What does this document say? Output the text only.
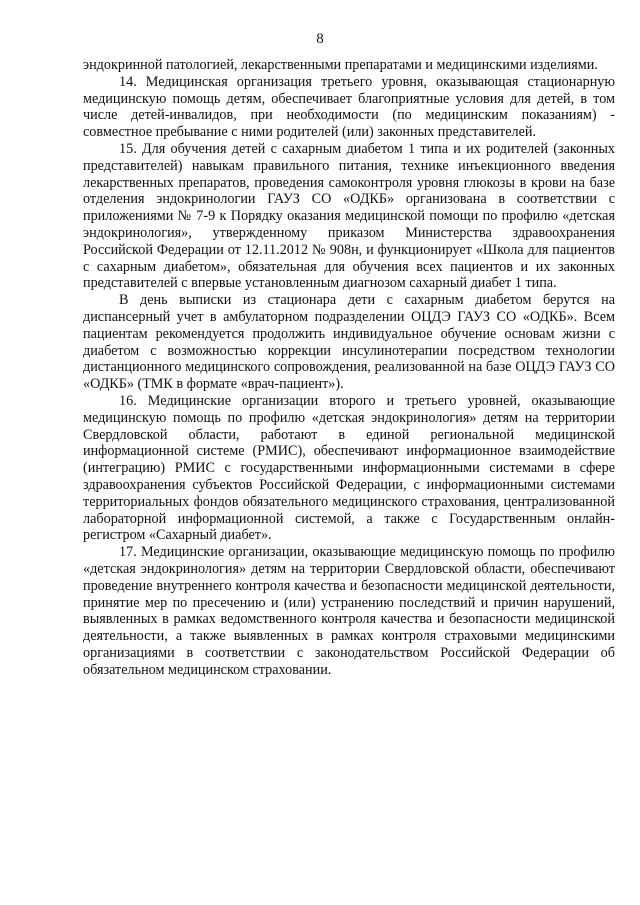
8

эндокринной патологией, лекарственными препаратами и медицинскими изделиями.

14. Медицинская организация третьего уровня, оказывающая стационарную медицинскую помощь детям, обеспечивает благоприятные условия для детей, в том числе детей-инвалидов, при необходимости (по медицинским показаниям) - совместное пребывание с ними родителей (или) законных представителей.

15. Для обучения детей с сахарным диабетом 1 типа и их родителей (законных представителей) навыкам правильного питания, технике инъекционного введения лекарственных препаратов, проведения самоконтроля уровня глюкозы в крови на базе отделения эндокринологии ГАУЗ СО «ОДКБ» организована в соответствии с приложениями № 7-9 к Порядку оказания медицинской помощи по профилю «детская эндокринология», утвержденному приказом Министерства здравоохранения Российской Федерации от 12.11.2012 № 908н, и функционирует «Школа для пациентов с сахарным диабетом», обязательная для обучения всех пациентов и их законных представителей с впервые установленным диагнозом сахарный диабет 1 типа.

В день выписки из стационара дети с сахарным диабетом берутся на диспансерный учет в амбулаторном подразделении ОЦДЭ ГАУЗ СО «ОДКБ». Всем пациентам рекомендуется продолжить индивидуальное обучение основам жизни с диабетом с возможностью коррекции инсулинотерапии посредством технологии дистанционного медицинского сопровождения, реализованной на базе ОЦДЭ ГАУЗ СО «ОДКБ» (ТМК в формате «врач-пациент»).

16. Медицинские организации второго и третьего уровней, оказывающие медицинскую помощь по профилю «детская эндокринология» детям на территории Свердловской области, работают в единой региональной медицинской информационной системе (РМИС), обеспечивают информационное взаимодействие (интеграцию) РМИС с государственными информационными системами в сфере здравоохранения субъектов Российской Федерации, с информационными системами территориальных фондов обязательного медицинского страхования, централизованной лабораторной информационной системой, а также с Государственным онлайн-регистром «Сахарный диабет».

17. Медицинские организации, оказывающие медицинскую помощь по профилю «детская эндокринология» детям на территории Свердловской области, обеспечивают проведение внутреннего контроля качества и безопасности медицинской деятельности, принятие мер по пресечению и (или) устранению последствий и причин нарушений, выявленных в рамках ведомственного контроля качества и безопасности медицинской деятельности, а также выявленных в рамках контроля страховыми медицинскими организациями в соответствии с законодательством Российской Федерации об обязательном медицинском страховании.
